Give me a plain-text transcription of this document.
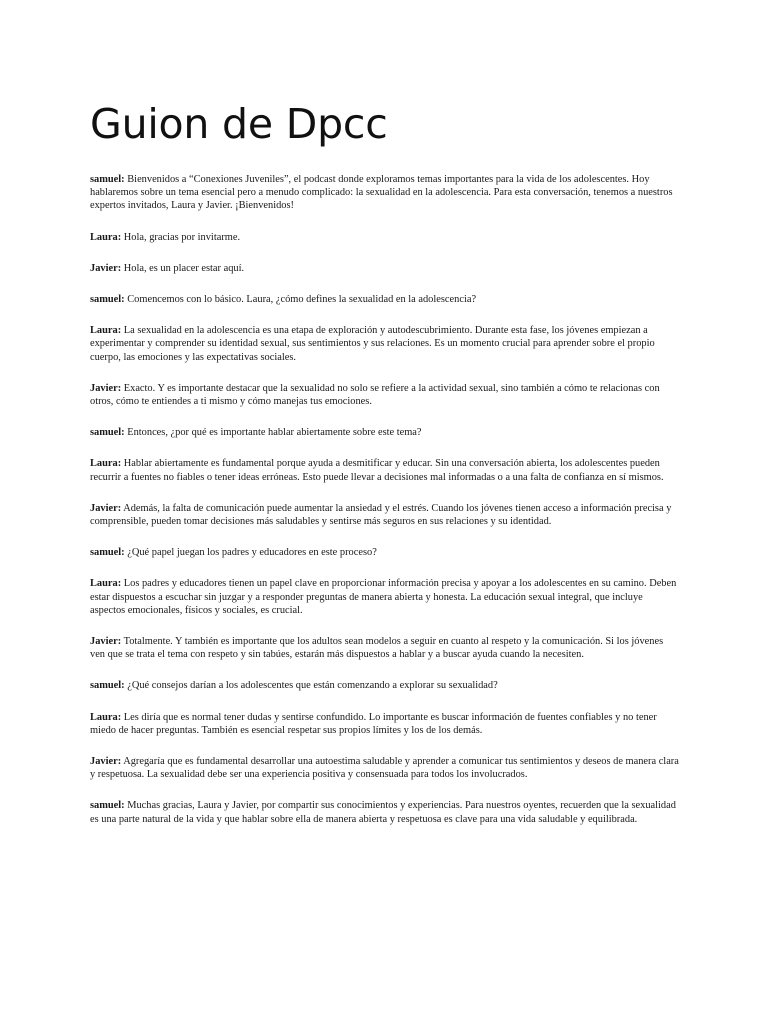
Guion de Dpcc

samuel: Bienvenidos a “Conexiones Juveniles”, el podcast donde exploramos temas importantes para la vida de los adolescentes. Hoy hablaremos sobre un tema esencial pero a menudo complicado: la sexualidad en la adolescencia. Para esta conversación, tenemos a nuestros expertos invitados, Laura y Javier. ¡Bienvenidos!

Laura: Hola, gracias por invitarme.

Javier: Hola, es un placer estar aquí.

samuel: Comencemos con lo básico. Laura, ¿cómo defines la sexualidad en la adolescencia?

Laura: La sexualidad en la adolescencia es una etapa de exploración y autodescubrimiento. Durante esta fase, los jóvenes empiezan a experimentar y comprender su identidad sexual, sus sentimientos y sus relaciones. Es un momento crucial para aprender sobre el propio cuerpo, las emociones y las expectativas sociales.

Javier: Exacto. Y es importante destacar que la sexualidad no solo se refiere a la actividad sexual, sino también a cómo te relacionas con otros, cómo te entiendes a ti mismo y cómo manejas tus emociones.

samuel: Entonces, ¿por qué es importante hablar abiertamente sobre este tema?

Laura: Hablar abiertamente es fundamental porque ayuda a desmitificar y educar. Sin una conversación abierta, los adolescentes pueden recurrir a fuentes no fiables o tener ideas erróneas. Esto puede llevar a decisiones mal informadas o a una falta de confianza en sí mismos.

Javier: Además, la falta de comunicación puede aumentar la ansiedad y el estrés. Cuando los jóvenes tienen acceso a información precisa y comprensible, pueden tomar decisiones más saludables y sentirse más seguros en sus relaciones y su identidad.

samuel: ¿Qué papel juegan los padres y educadores en este proceso?

Laura: Los padres y educadores tienen un papel clave en proporcionar información precisa y apoyar a los adolescentes en su camino. Deben estar dispuestos a escuchar sin juzgar y a responder preguntas de manera abierta y honesta. La educación sexual integral, que incluye aspectos emocionales, físicos y sociales, es crucial.

Javier: Totalmente. Y también es importante que los adultos sean modelos a seguir en cuanto al respeto y la comunicación. Si los jóvenes ven que se trata el tema con respeto y sin tabúes, estarán más dispuestos a hablar y a buscar ayuda cuando la necesiten.

samuel: ¿Qué consejos darían a los adolescentes que están comenzando a explorar su sexualidad?

Laura: Les diría que es normal tener dudas y sentirse confundido. Lo importante es buscar información de fuentes confiables y no tener miedo de hacer preguntas. También es esencial respetar sus propios límites y los de los demás.

Javier: Agregaría que es fundamental desarrollar una autoestima saludable y aprender a comunicar tus sentimientos y deseos de manera clara y respetuosa. La sexualidad debe ser una experiencia positiva y consensuada para todos los involucrados.

samuel: Muchas gracias, Laura y Javier, por compartir sus conocimientos y experiencias. Para nuestros oyentes, recuerden que la sexualidad es una parte natural de la vida y que hablar sobre ella de manera abierta y respetuosa es clave para una vida saludable y equilibrada.
